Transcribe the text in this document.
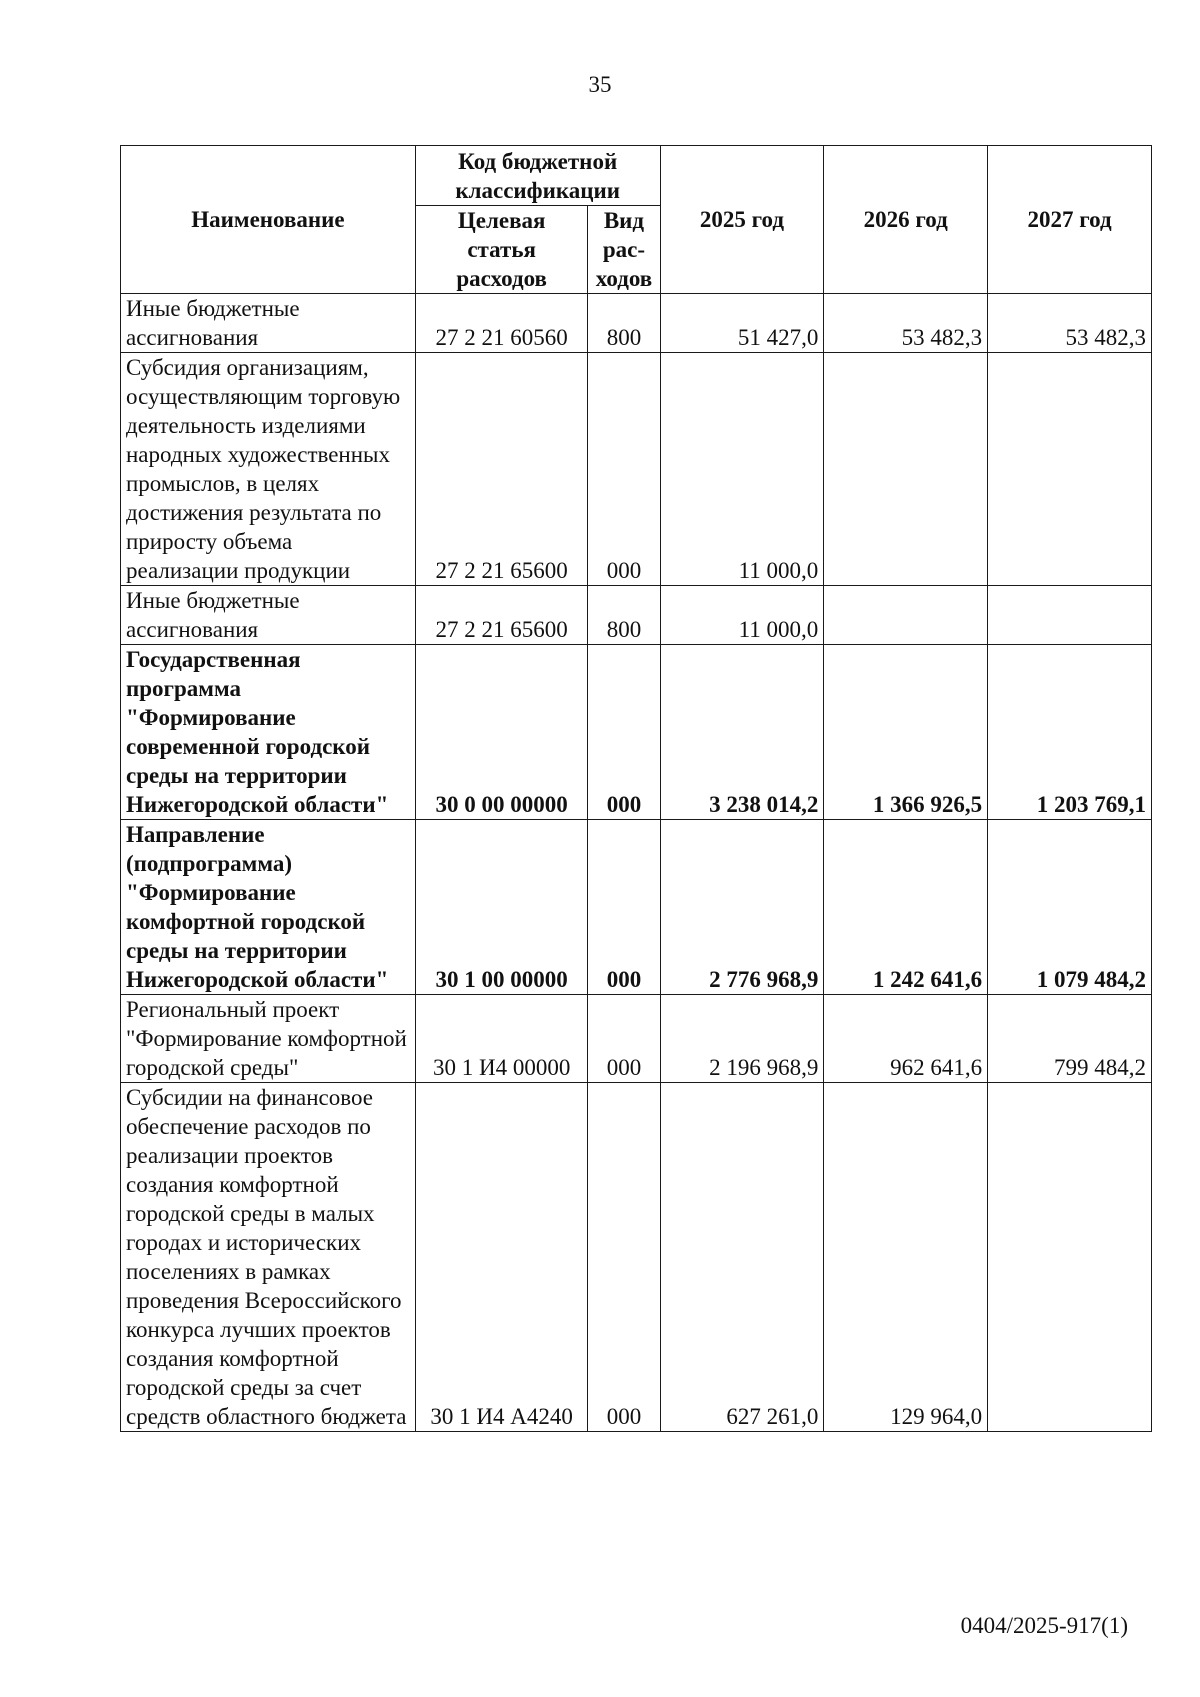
35
Наименование	Код бюджетной классификации		2025 год	2026 год	2027 год
	Целевая статья расходов	Вид рас-ходов			
Иные бюджетные ассигнования	27 2 21 60560	800	51 427,0	53 482,3	53 482,3
Субсидия организациям, осуществляющим торговую деятельность изделиями народных художественных промыслов, в целях достижения результата по приросту объема реализации продукции	27 2 21 65600	000	11 000,0		
Иные бюджетные ассигнования	27 2 21 65600	800	11 000,0		
Государственная программа "Формирование современной городской среды на территории Нижегородской области"	30 0 00 00000	000	3 238 014,2	1 366 926,5	1 203 769,1
Направление (подпрограмма) "Формирование комфортной городской среды на территории Нижегородской области"	30 1 00 00000	000	2 776 968,9	1 242 641,6	1 079 484,2
Региональный проект "Формирование комфортной городской среды"	30 1 И4 00000	000	2 196 968,9	962 641,6	799 484,2
Субсидии на финансовое обеспечение расходов по реализации проектов создания комфортной городской среды в малых городах и исторических поселениях в рамках проведения Всероссийского конкурса лучших проектов создания комфортной городской среды за счет средств областного бюджета	30 1 И4 А4240	000	627 261,0	129 964,0	
0404/2025-917(1)
